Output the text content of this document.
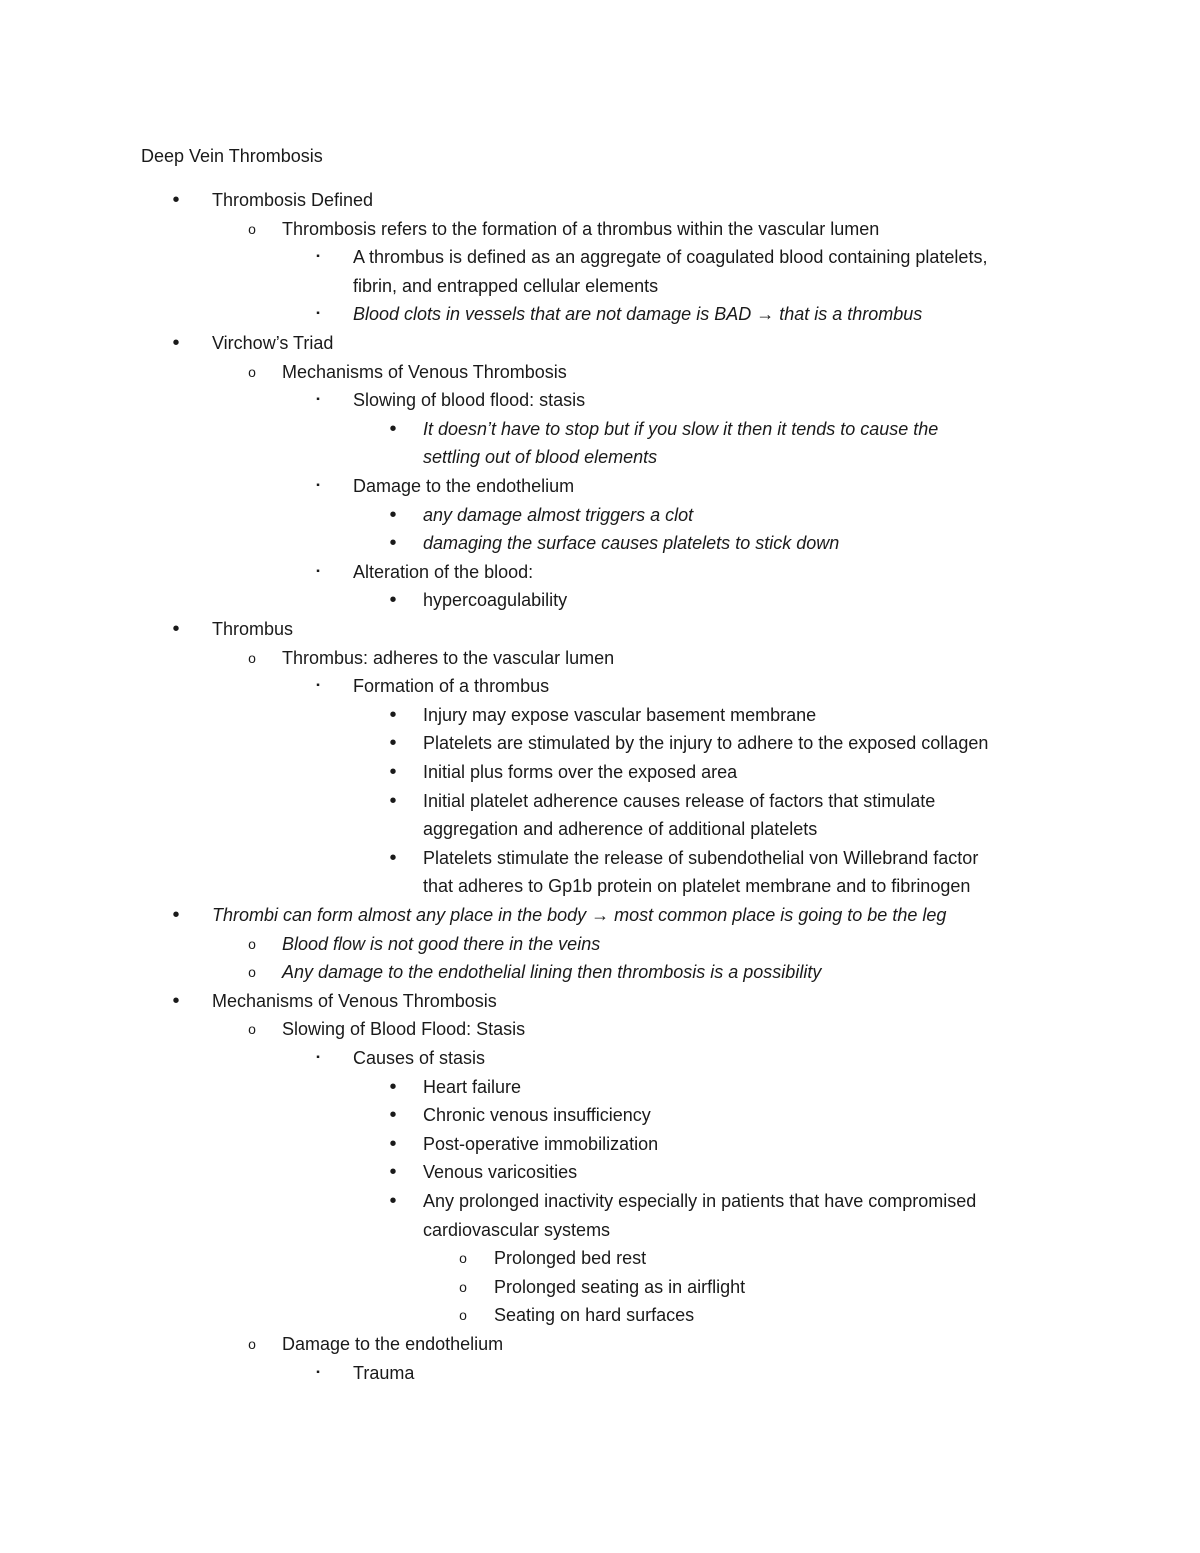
Deep Vein Thrombosis
•	Thrombosis Defined
o	Thrombosis refers to the formation of a thrombus within the vascular lumen
▪	A thrombus is defined as an aggregate of coagulated blood containing platelets,
fibrin, and entrapped cellular elements
▪	Blood clots in vessels that are not damage is BAD → that is a thrombus
•	Virchow’s Triad
o	Mechanisms of Venous Thrombosis
▪	Slowing of blood flood: stasis
•	It doesn’t have to stop but if you slow it then it tends to cause the
settling out of blood elements
▪	Damage to the endothelium
•	any damage almost triggers a clot
•	damaging the surface causes platelets to stick down
▪	Alteration of the blood:
•	hypercoagulability
•	Thrombus
o	Thrombus: adheres to the vascular lumen
▪	Formation of a thrombus
•	Injury may expose vascular basement membrane
•	Platelets are stimulated by the injury to adhere to the exposed collagen
•	Initial plus forms over the exposed area
•	Initial platelet adherence causes release of factors that stimulate
aggregation and adherence of additional platelets
•	Platelets stimulate the release of subendothelial von Willebrand factor
that adheres to Gp1b protein on platelet membrane and to fibrinogen
•	Thrombi can form almost any place in the body → most common place is going to be the leg
o	Blood flow is not good there in the veins
o	Any damage to the endothelial lining then thrombosis is a possibility
•	Mechanisms of Venous Thrombosis
o	Slowing of Blood Flood: Stasis
▪	Causes of stasis
•	Heart failure
•	Chronic venous insufficiency
•	Post-operative immobilization
•	Venous varicosities
•	Any prolonged inactivity especially in patients that have compromised
cardiovascular systems
o	Prolonged bed rest
o	Prolonged seating as in airflight
o	Seating on hard surfaces
o	Damage to the endothelium
▪	Trauma
